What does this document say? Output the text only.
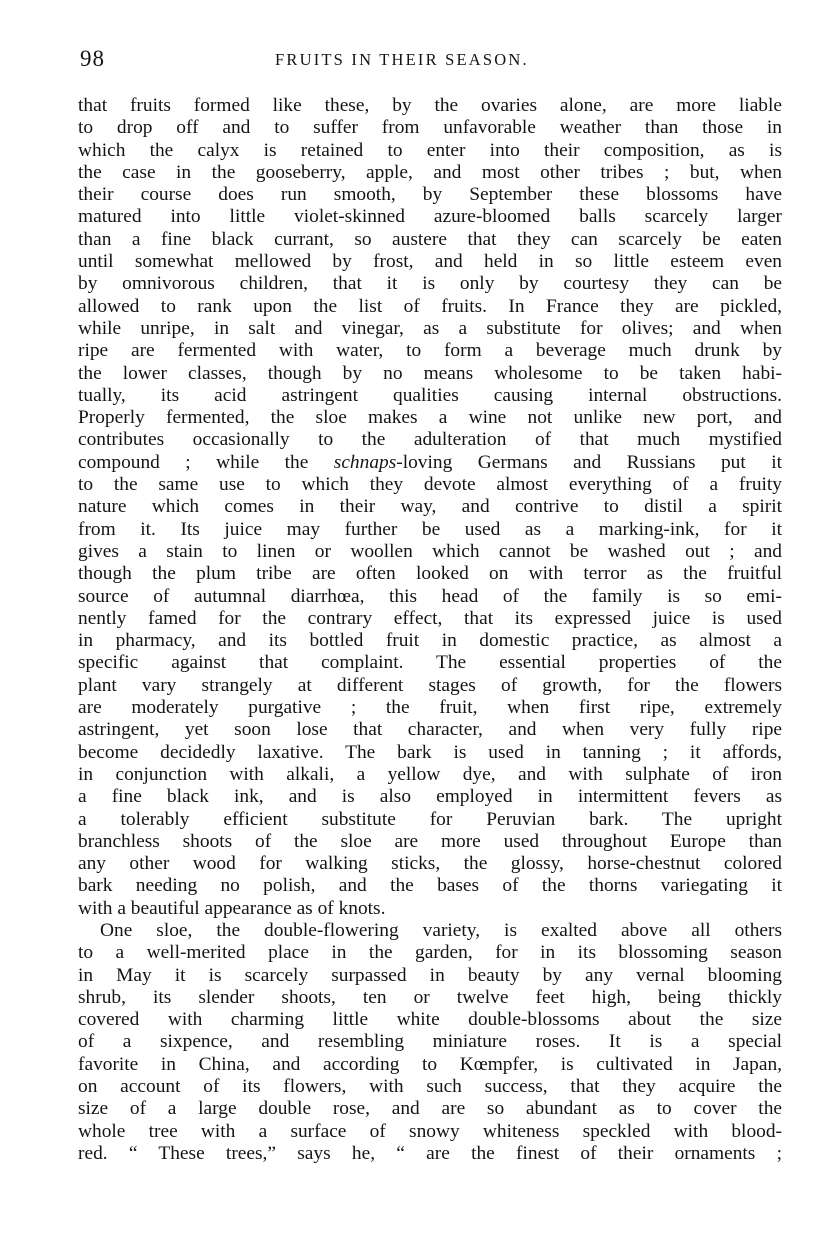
98	FRUITS IN THEIR SEASON.
that fruits formed like these, by the ovaries alone, are more liable
to drop off and to suffer from unfavorable weather than those in
which the calyx is retained to enter into their composition, as is
the case in the gooseberry, apple, and most other tribes ; but, when
their course does run smooth, by September these blossoms have
matured into little violet-skinned azure-bloomed balls scarcely larger
than a fine black currant, so austere that they can scarcely be eaten
until somewhat mellowed by frost, and held in so little esteem even
by omnivorous children, that it is only by courtesy they can be
allowed to rank upon the list of fruits. In France they are pickled,
while unripe, in salt and vinegar, as a substitute for olives; and when
ripe are fermented with water, to form a beverage much drunk by
the lower classes, though by no means wholesome to be taken habi-
tually, its acid astringent qualities causing internal obstructions.
Properly fermented, the sloe makes a wine not unlike new port, and
contributes occasionally to the adulteration of that much mystified
compound ; while the schnaps-loving Germans and Russians put it
to the same use to which they devote almost everything of a fruity
nature which comes in their way, and contrive to distil a spirit
from it. Its juice may further be used as a marking-ink, for it
gives a stain to linen or woollen which cannot be washed out ; and
though the plum tribe are often looked on with terror as the fruitful
source of autumnal diarrhœa, this head of the family is so emi-
nently famed for the contrary effect, that its expressed juice is used
in pharmacy, and its bottled fruit in domestic practice, as almost a
specific against that complaint. The essential properties of the
plant vary strangely at different stages of growth, for the flowers
are moderately purgative ; the fruit, when first ripe, extremely
astringent, yet soon lose that character, and when very fully ripe
become decidedly laxative. The bark is used in tanning ; it affords,
in conjunction with alkali, a yellow dye, and with sulphate of iron
a fine black ink, and is also employed in intermittent fevers as
a tolerably efficient substitute for Peruvian bark. The upright
branchless shoots of the sloe are more used throughout Europe than
any other wood for walking sticks, the glossy, horse-chestnut colored
bark needing no polish, and the bases of the thorns variegating it
with a beautiful appearance as of knots.
One sloe, the double-flowering variety, is exalted above all others
to a well-merited place in the garden, for in its blossoming season
in May it is scarcely surpassed in beauty by any vernal blooming
shrub, its slender shoots, ten or twelve feet high, being thickly
covered with charming little white double-blossoms about the size
of a sixpence, and resembling miniature roses. It is a special
favorite in China, and according to Kœmpfer, is cultivated in Japan,
on account of its flowers, with such success, that they acquire the
size of a large double rose, and are so abundant as to cover the
whole tree with a surface of snowy whiteness speckled with blood-
red. “ These trees,” says he, “ are the finest of their ornaments ;
